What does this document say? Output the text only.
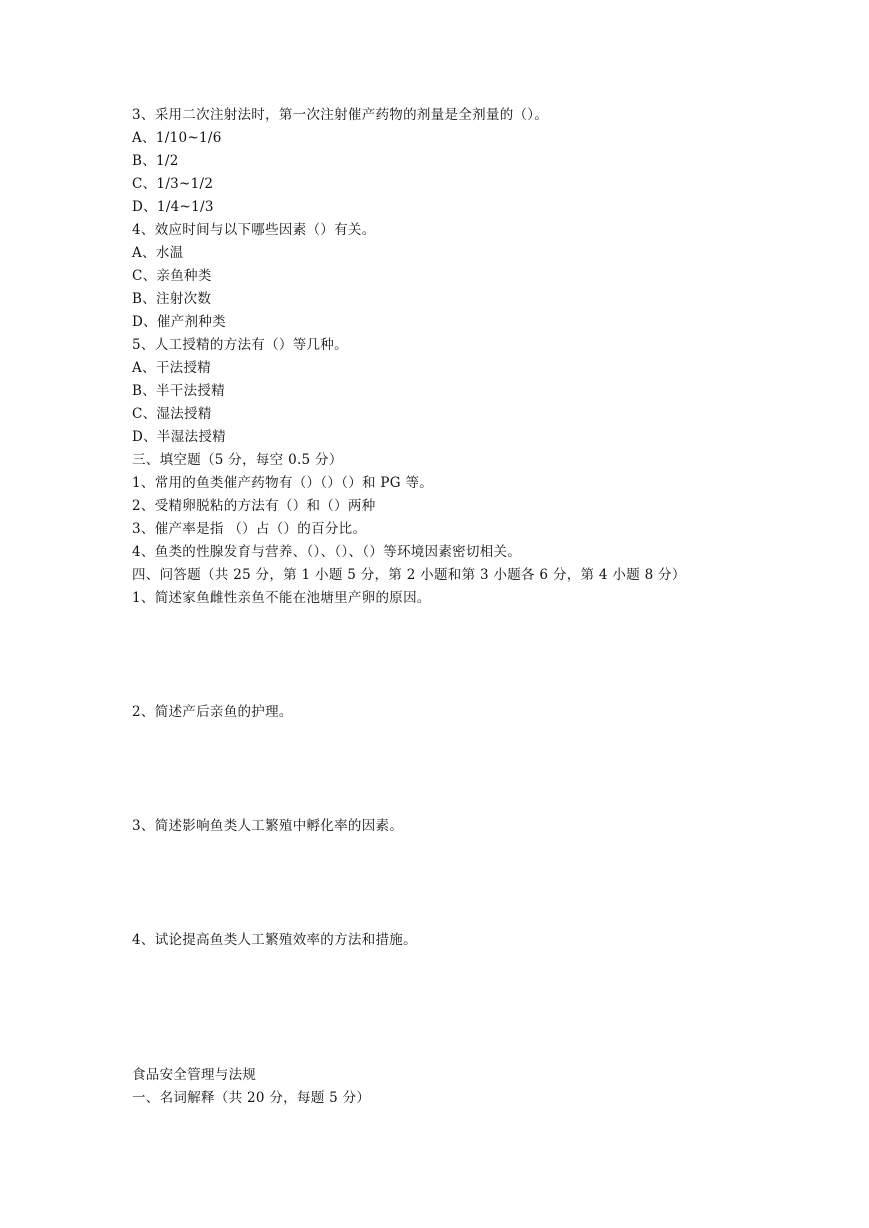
3、采用二次注射法时，第一次注射催产药物的剂量是全剂量的（）。
A、1/10~1/6
B、1/2
C、1/3~1/2
D、1/4~1/3
4、效应时间与以下哪些因素（）有关。
A、水温
C、亲鱼种类
B、注射次数
D、催产剂种类
5、人工授精的方法有（）等几种。
A、干法授精
B、半干法授精
C、湿法授精
D、半湿法授精
三、填空题（5 分，每空 0.5 分）
1、常用的鱼类催产药物有（）（）（）和 PG 等。
2、受精卵脱粘的方法有（）和（）两种
3、催产率是指 （）占（）的百分比。
4、鱼类的性腺发育与营养、（）、（）、（）等环境因素密切相关。
四、问答题（共 25 分，第 1 小题 5 分，第 2 小题和第 3 小题各 6 分，第 4 小题 8 分）
1、简述家鱼雌性亲鱼不能在池塘里产卵的原因。
2、简述产后亲鱼的护理。
3、简述影响鱼类人工繁殖中孵化率的因素。
4、试论提高鱼类人工繁殖效率的方法和措施。
食品安全管理与法规
一、名词解释（共 20 分，每题 5 分）
